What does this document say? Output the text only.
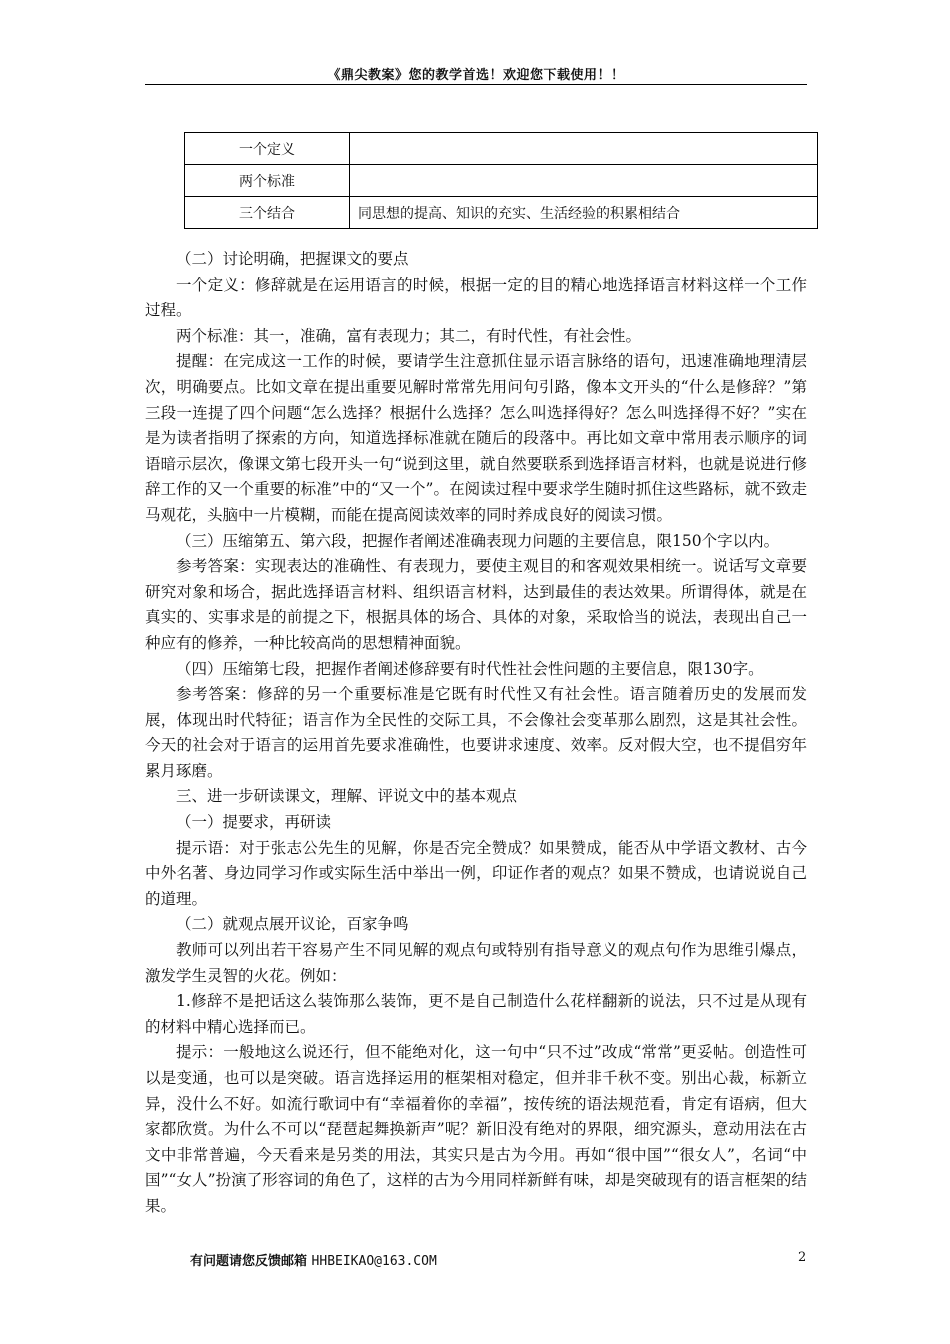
《鼎尖教案》您的教学首选！欢迎您下载使用！！
一个定义	
两个标准	
三个结合	同思想的提高、知识的充实、生活经验的积累相结合

（二）讨论明确，把握课文的要点

一个定义：修辞就是在运用语言的时候，根据一定的目的精心地选择语言材料这样一个工作过程。

两个标准：其一，准确，富有表现力；其二，有时代性，有社会性。

提醒：在完成这一工作的时候，要请学生注意抓住显示语言脉络的语句，迅速准确地理清层次，明确要点。比如文章在提出重要见解时常常先用问句引路，像本文开头的“什么是修辞？”第三段一连提了四个问题“怎么选择？根据什么选择？怎么叫选择得好？怎么叫选择得不好？”实在是为读者指明了探索的方向，知道选择标准就在随后的段落中。再比如文章中常用表示顺序的词语暗示层次，像课文第七段开头一句“说到这里，就自然要联系到选择语言材料，也就是说进行修辞工作的又一个重要的标准”中的“又一个”。在阅读过程中要求学生随时抓住这些路标，就不致走马观花，头脑中一片模糊，而能在提高阅读效率的同时养成良好的阅读习惯。

（三）压缩第五、第六段，把握作者阐述准确表现力问题的主要信息，限150个字以内。

参考答案：实现表达的准确性、有表现力，要使主观目的和客观效果相统一。说话写文章要研究对象和场合，据此选择语言材料、组织语言材料，达到最佳的表达效果。所谓得体，就是在真实的、实事求是的前提之下，根据具体的场合、具体的对象，采取恰当的说法，表现出自己一种应有的修养，一种比较高尚的思想精神面貌。

（四）压缩第七段，把握作者阐述修辞要有时代性社会性问题的主要信息，限130字。

参考答案：修辞的另一个重要标准是它既有时代性又有社会性。语言随着历史的发展而发展，体现出时代特征；语言作为全民性的交际工具，不会像社会变革那么剧烈，这是其社会性。今天的社会对于语言的运用首先要求准确性，也要讲求速度、效率。反对假大空，也不提倡穷年累月琢磨。

三、进一步研读课文，理解、评说文中的基本观点

（一）提要求，再研读

提示语：对于张志公先生的见解，你是否完全赞成？如果赞成，能否从中学语文教材、古今中外名著、身边同学习作或实际生活中举出一例，印证作者的观点？如果不赞成，也请说说自己的道理。

（二）就观点展开议论，百家争鸣

教师可以列出若干容易产生不同见解的观点句或特别有指导意义的观点句作为思维引爆点，激发学生灵智的火花。例如：

1.修辞不是把话这么装饰那么装饰，更不是自己制造什么花样翻新的说法，只不过是从现有的材料中精心选择而已。

提示：一般地这么说还行，但不能绝对化，这一句中“只不过”改成“常常”更妥帖。创造性可以是变通，也可以是突破。语言选择运用的框架相对稳定，但并非千秋不变。别出心裁，标新立异，没什么不好。如流行歌词中有“幸福着你的幸福”，按传统的语法规范看，肯定有语病，但大家都欣赏。为什么不可以“琵琶起舞换新声”呢？新旧没有绝对的界限，细究源头，意动用法在古文中非常普遍，今天看来是另类的用法，其实只是古为今用。再如“很中国”“很女人”，名词“中国”“女人”扮演了形容词的角色了，这样的古为今用同样新鲜有味，却是突破现有的语言框架的结果。

有问题请您反馈邮箱 HHBEIKAO@163.COM	2
